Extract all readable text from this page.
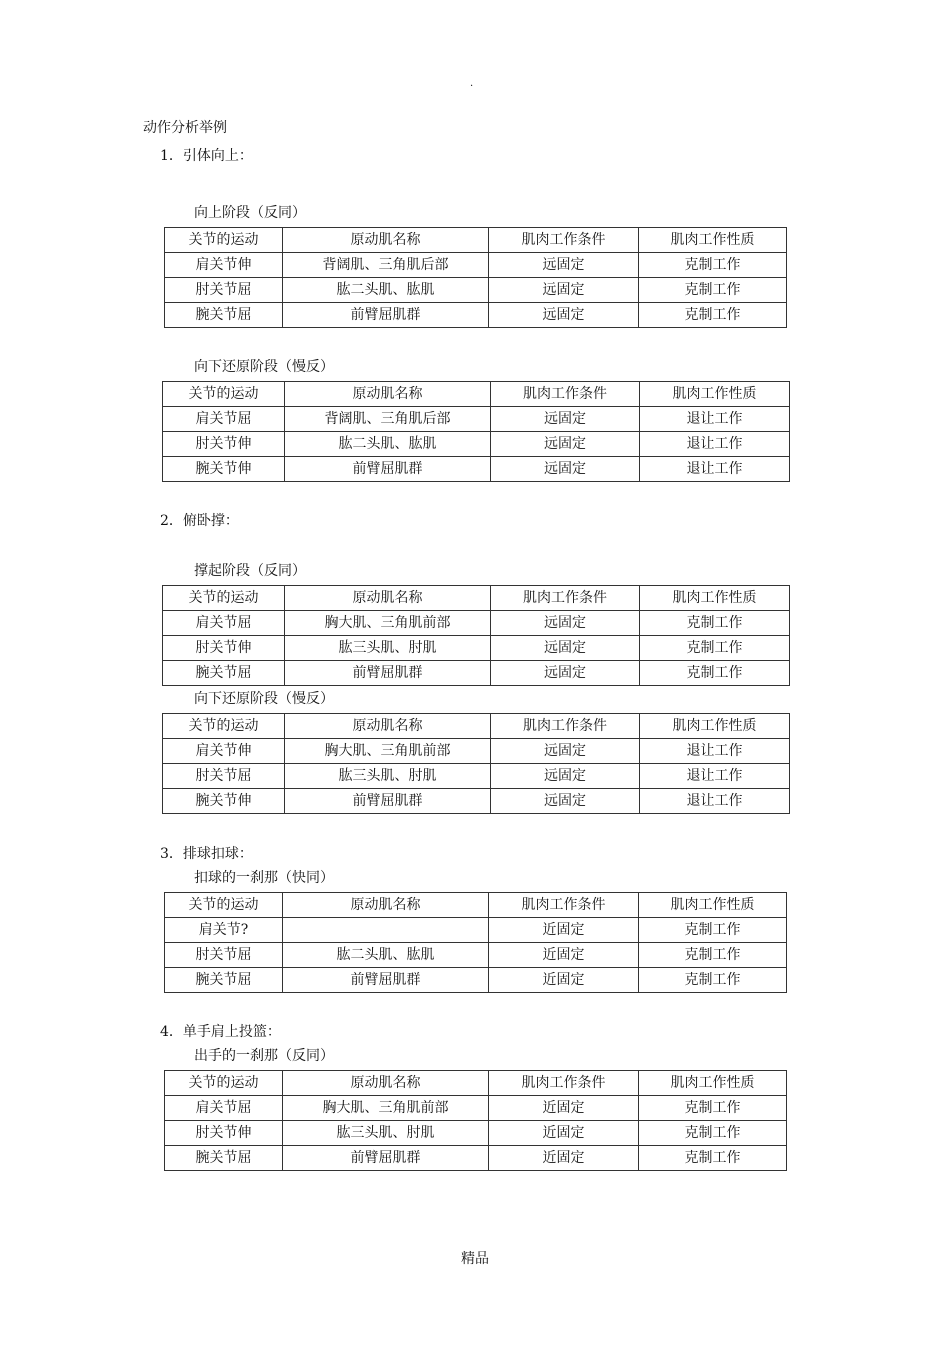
.
动作分析举例
1．引体向上：
向上阶段（反同）
关节的运动	原动肌名称	肌肉工作条件	肌肉工作性质
肩关节伸	背阔肌、三角肌后部	远固定	克制工作
肘关节屈	肱二头肌、肱肌	远固定	克制工作
腕关节屈	前臂屈肌群	远固定	克制工作
向下还原阶段（慢反）
关节的运动	原动肌名称	肌肉工作条件	肌肉工作性质
肩关节屈	背阔肌、三角肌后部	远固定	退让工作
肘关节伸	肱二头肌、肱肌	远固定	退让工作
腕关节伸	前臂屈肌群	远固定	退让工作
2．俯卧撑：
撑起阶段（反同）
关节的运动	原动肌名称	肌肉工作条件	肌肉工作性质
肩关节屈	胸大肌、三角肌前部	远固定	克制工作
肘关节伸	肱三头肌、肘肌	远固定	克制工作
腕关节屈	前臂屈肌群	远固定	克制工作
向下还原阶段（慢反）
关节的运动	原动肌名称	肌肉工作条件	肌肉工作性质
肩关节伸	胸大肌、三角肌前部	远固定	退让工作
肘关节屈	肱三头肌、肘肌	远固定	退让工作
腕关节伸	前臂屈肌群	远固定	退让工作
3．排球扣球：
扣球的一刹那（快同）
关节的运动	原动肌名称	肌肉工作条件	肌肉工作性质
肩关节?		近固定	克制工作
肘关节屈	肱二头肌、肱肌	近固定	克制工作
腕关节屈	前臂屈肌群	近固定	克制工作
4．单手肩上投篮：
出手的一刹那（反同）
关节的运动	原动肌名称	肌肉工作条件	肌肉工作性质
肩关节屈	胸大肌、三角肌前部	近固定	克制工作
肘关节伸	肱三头肌、肘肌	近固定	克制工作
腕关节屈	前臂屈肌群	近固定	克制工作
精品
